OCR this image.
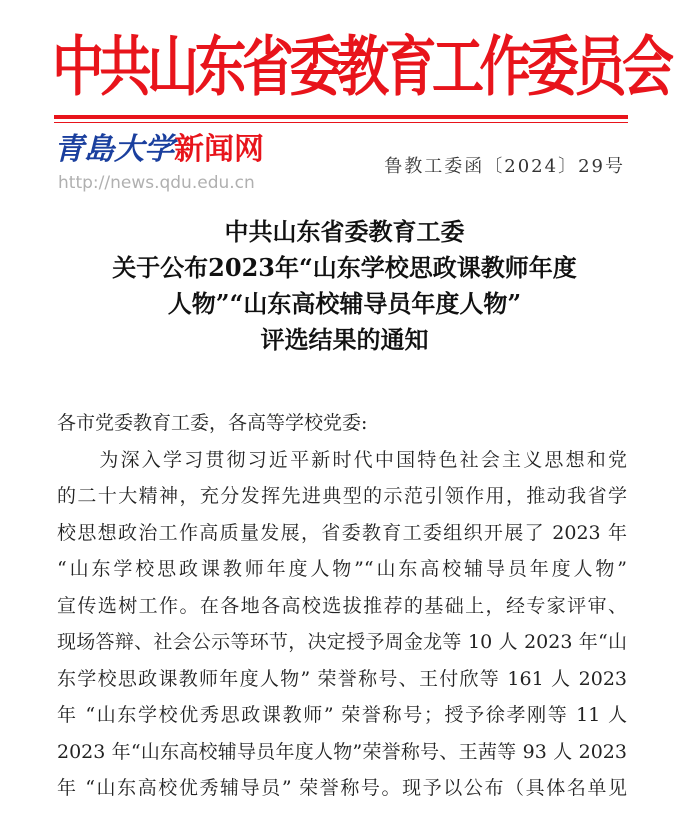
中共山东省委教育工作委员会
鲁教工委函〔2024〕29号
中共山东省委教育工委
关于公布2023年“山东学校思政课教师年度
人物”“山东高校辅导员年度人物”
评选结果的通知
各市党委教育工委，各高等学校党委:
　　为深入学习贯彻习近平新时代中国特色社会主义思想和党
的二十大精神，充分发挥先进典型的示范引领作用，推动我省学
校思想政治工作高质量发展，省委教育工委组织开展了 2023 年
“山东学校思政课教师年度人物”“山东高校辅导员年度人物”
宣传选树工作。在各地各高校选拔推荐的基础上，经专家评审、
现场答辩、社会公示等环节，决定授予周金龙等 10 人 2023 年“山
东学校思政课教师年度人物” 荣誉称号、王付欣等 161 人 2023
年 “山东学校优秀思政课教师” 荣誉称号；授予徐孝刚等 11 人
2023 年“山东高校辅导员年度人物”荣誉称号、王茜等 93 人 2023
年 “山东高校优秀辅导员” 荣誉称号。现予以公布（具体名单见
青島大学新闻网
http://news.qdu.edu.cn
